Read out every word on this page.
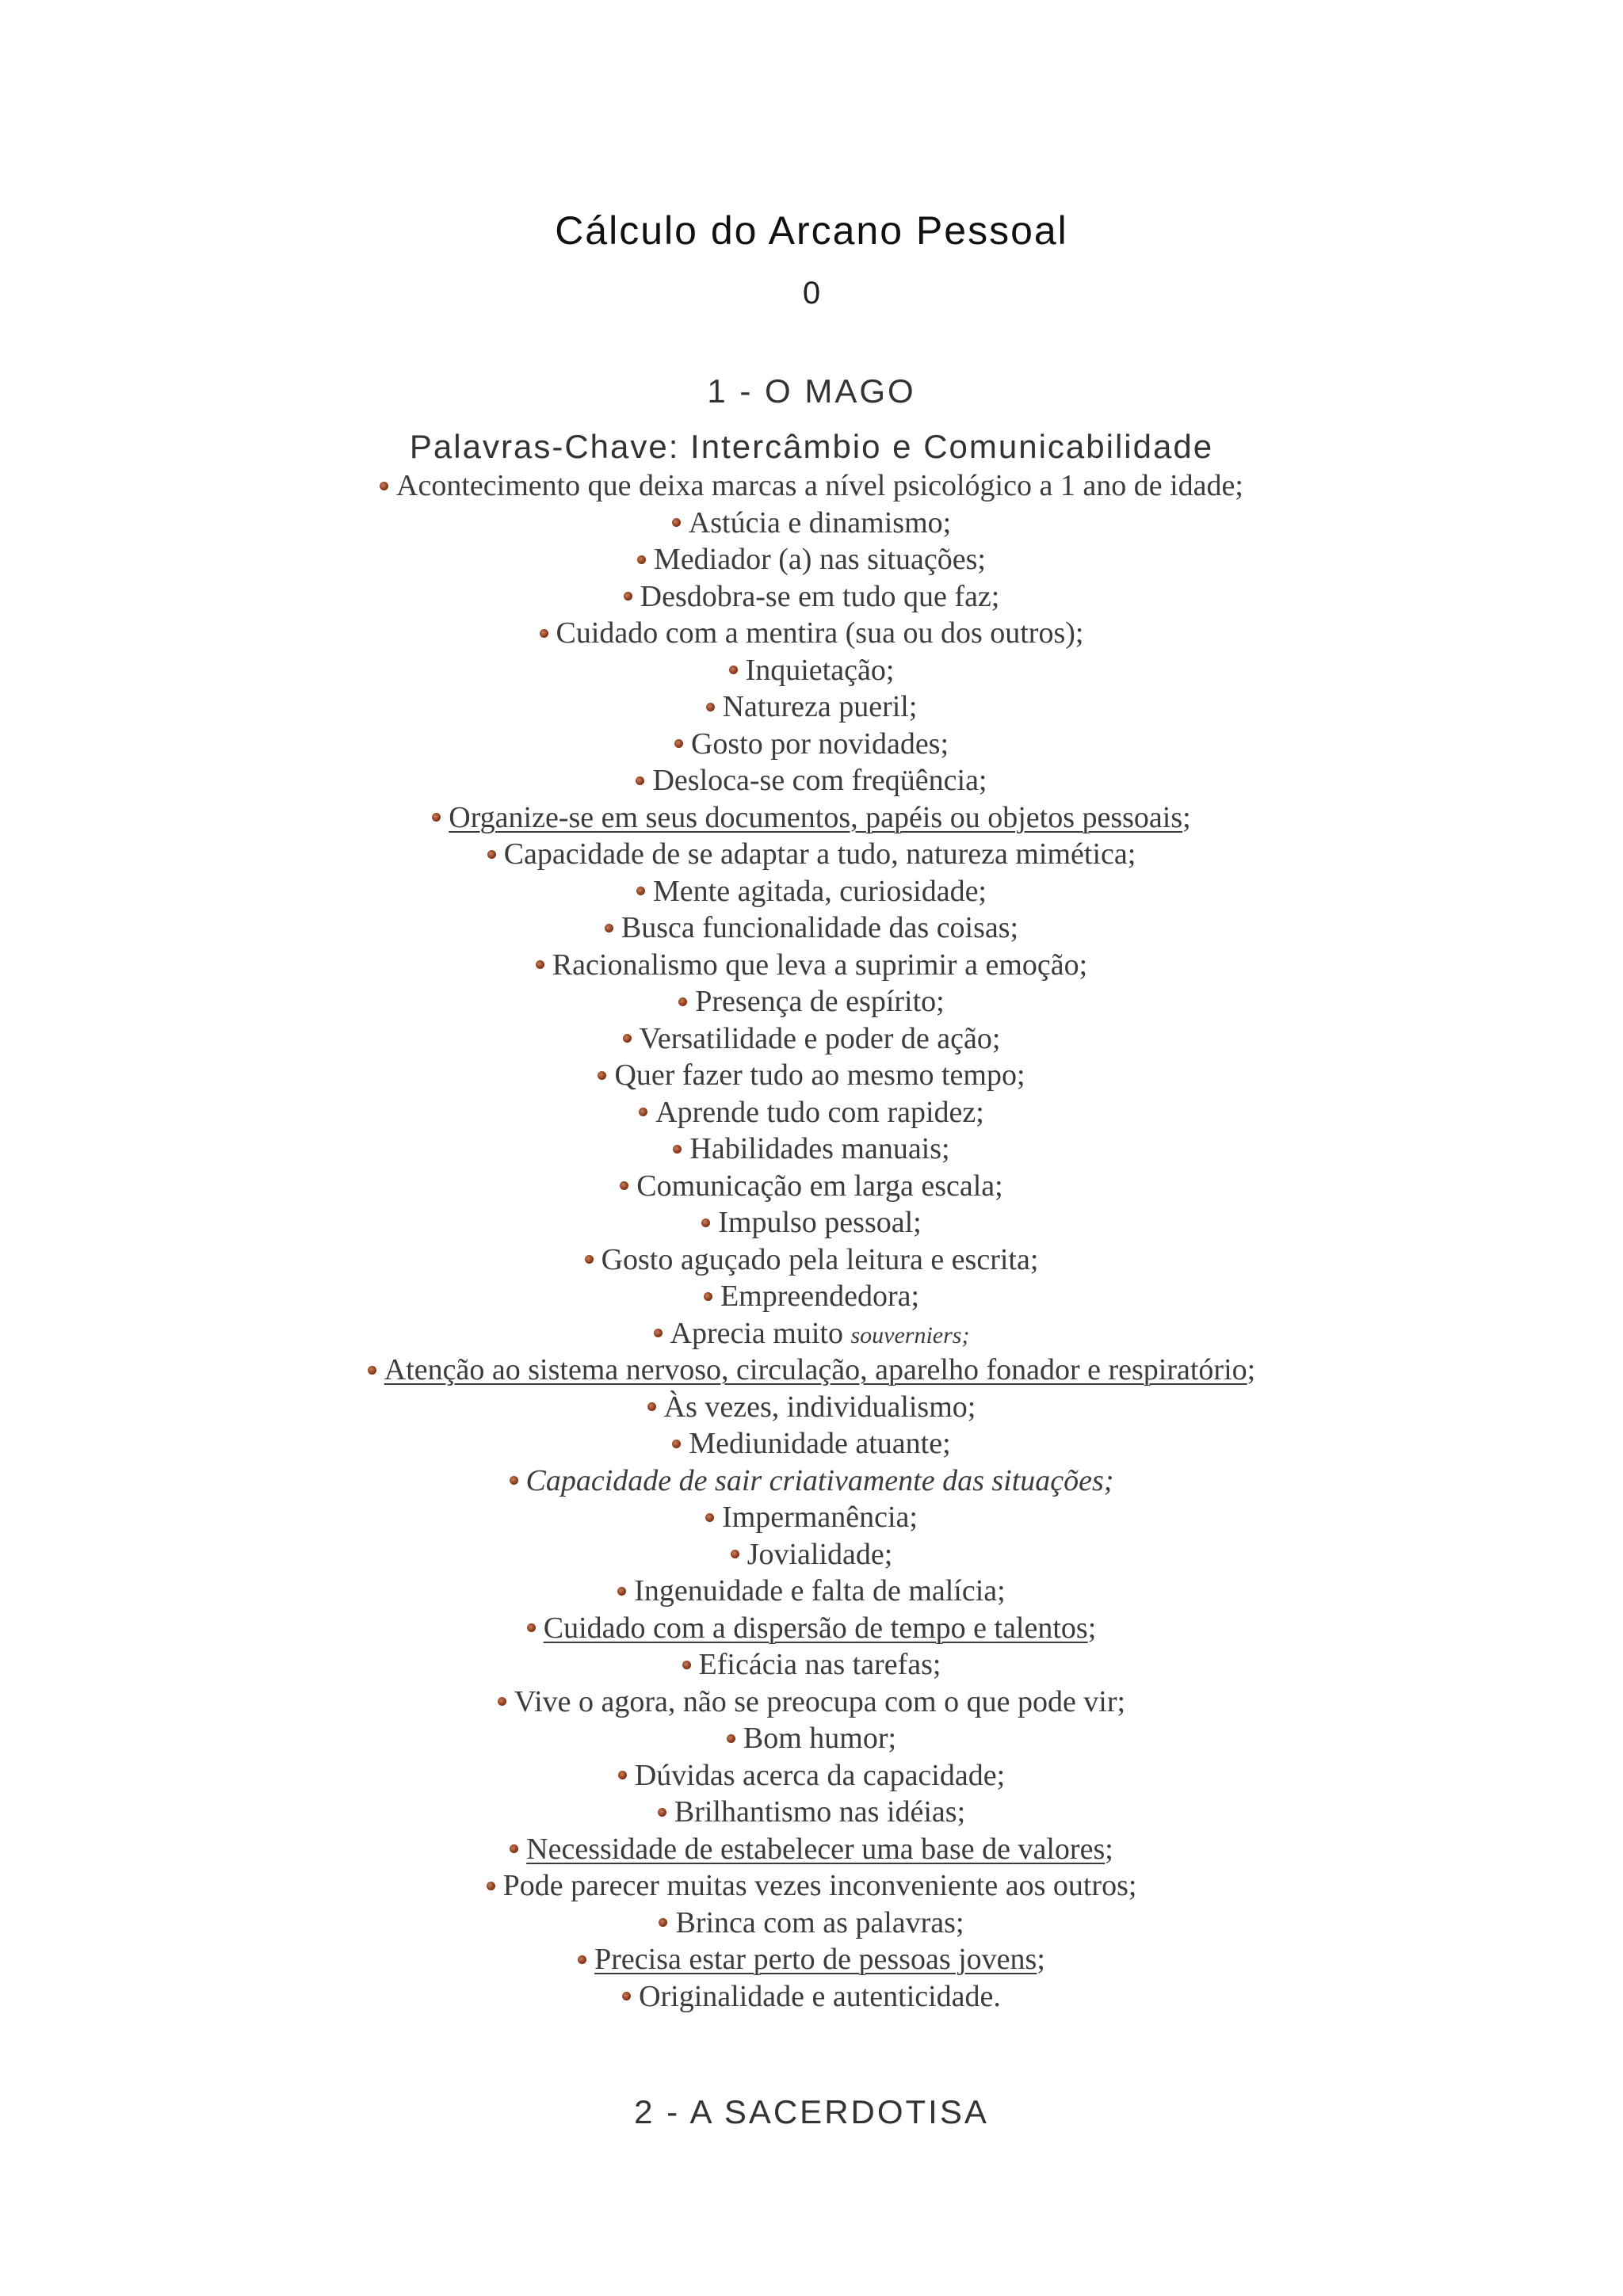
Cálculo do Arcano Pessoal
0
1 - O MAGO
Palavras-Chave: Intercâmbio e Comunicabilidade
Acontecimento que deixa marcas a nível psicológico a 1 ano de idade;
Astúcia e dinamismo;
Mediador (a) nas situações;
Desdobra-se em tudo que faz;
Cuidado com a mentira (sua ou dos outros);
Inquietação;
Natureza pueril;
Gosto por novidades;
Desloca-se com freqüência;
Organize-se em seus documentos, papéis ou objetos pessoais;
Capacidade de se adaptar a tudo, natureza mimética;
Mente agitada, curiosidade;
Busca funcionalidade das coisas;
Racionalismo que leva a suprimir a emoção;
Presença de espírito;
Versatilidade e poder de ação;
Quer fazer tudo ao mesmo tempo;
Aprende tudo com rapidez;
Habilidades manuais;
Comunicação em larga escala;
Impulso pessoal;
Gosto aguçado pela leitura e escrita;
Empreendedora;
Aprecia muito souverniers;
Atenção ao sistema nervoso, circulação, aparelho fonador e respiratório;
Às vezes, individualismo;
Mediunidade atuante;
Capacidade de sair criativamente das situações;
Impermanência;
Jovialidade;
Ingenuidade e falta de malícia;
Cuidado com a dispersão de tempo e talentos;
Eficácia nas tarefas;
Vive o agora, não se preocupa com o que pode vir;
Bom humor;
Dúvidas acerca da capacidade;
Brilhantismo nas idéias;
Necessidade de estabelecer uma base de valores;
Pode parecer muitas vezes inconveniente aos outros;
Brinca com as palavras;
Precisa estar perto de pessoas jovens;
Originalidade e autenticidade.
2 - A SACERDOTISA
